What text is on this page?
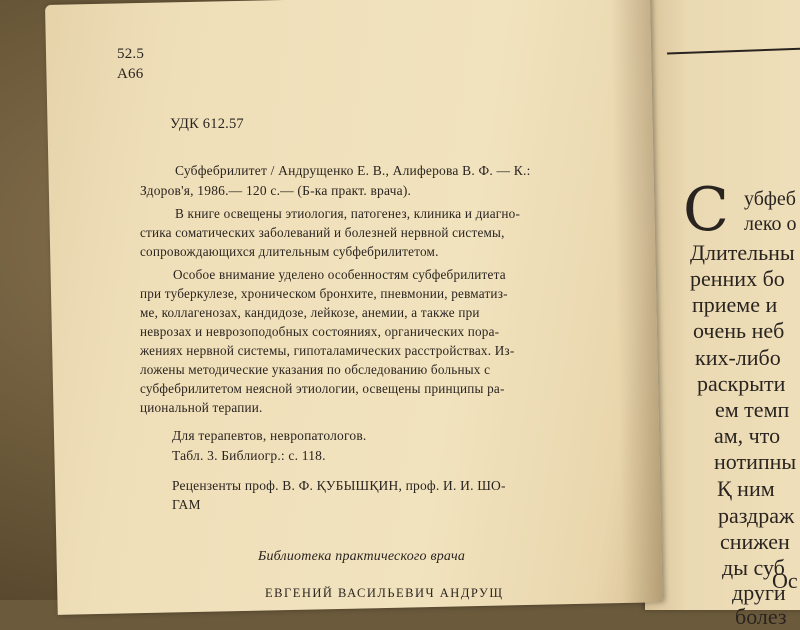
С убфеб
леко о
Длительны
ренних бо
приеме и
очень неб
ких-либо
раскрыти
ем темп
ам, что
нотипны
Қ ним
раздраж
снижен
ды суб
други
болез
Ос
52.5
А66
УДК 612.57
Субфебрилитет / Андрущенко Е. В., Алиферова В. Ф. — К.:
Здоров'я, 1986.— 120 с.— (Б-ка практ. врача).
В книге освещены этиология, патогенез, клиника и диагно-
стика соматических заболеваний и болезней нервной системы,
сопровождающихся длительным субфебрилитетом.
Особое внимание уделено особенностям субфебрилитета
при туберкулезе, хроническом бронхите, пневмонии, ревматиз-
ме, коллагенозах, кандидозе, лейкозе, анемии, а также при
неврозах и неврозоподобных состояниях, органических пора-
жениях нервной системы, гипоталамических расстройствах. Из-
ложены методические указания по обследованию больных с
субфебрилитетом неясной этиологии, освещены принципы ра-
циональной терапии.
Для терапевтов, невропатологов.
Табл. 3. Библиогр.: с. 118.
Рецензенты проф. В. Ф. ҚУБЫШҚИН, проф. И. И. ШО-
ГАМ
Библиотека практического врача
ЕВГЕНИЙ ВАСИЛЬЕВИЧ АНДРУЩ
